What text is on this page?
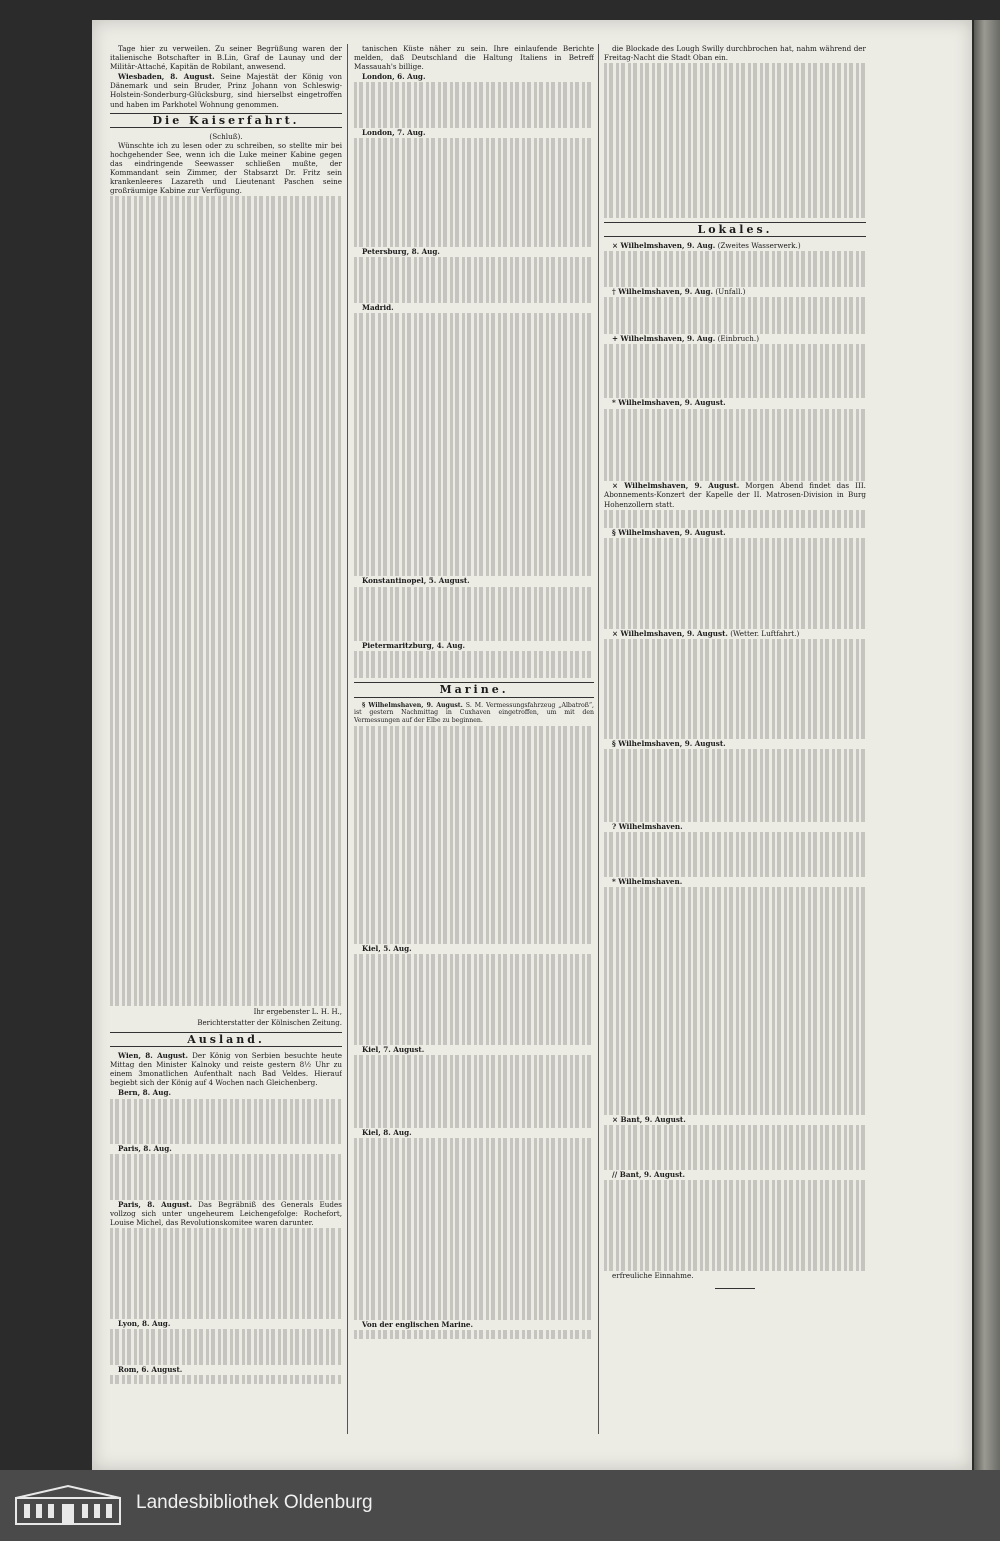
Tage hier zu verweilen. Zu seiner Begrüßung waren der italienische Botschafter in B.Lin, Graf de Launay und der Militär-Attaché, Kapitän de Robilant, anwesend.

Wiesbaden, 8. August. Seine Majestät der König von Dänemark und sein Bruder, Prinz Johann von Schleswig-Holstein-Sonderburg-Glücksburg, sind hierselbst eingetroffen und haben im Parkhotel Wohnung genommen.

Die Kaiserfahrt.
(Schluß).

Wünschte ich zu lesen oder zu schreiben, so stellte mir bei hochgehender See, wenn ich die Luke meiner Kabine gegen das eindringende Seewasser schließen mußte, der Kommandant sein Zimmer, der Stabsarzt Dr. Fritz sein krankenleeres Lazareth und Lieutenant Paschen seine großräumige Kabine zur Verfügung.

Ihr ergebenster L. H. H.,
Berichterstatter der Kölnischen Zeitung.
Ausland.

Wien, 8. August. Der König von Serbien besuchte heute Mittag den Minister Kalnoky und reiste gestern 8½ Uhr zu einem 3monatlichen Aufenthalt nach Bad Veldes. Hierauf begiebt sich der König auf 4 Wochen nach Gleichenberg.

Bern, 8. Aug.

Paris, 8. Aug.

Paris, 8. August. Das Begräbniß des Generals Eudes vollzog sich unter ungeheurem Leichengefolge: Rochefort, Louise Michel, das Revolutionskomitee waren darunter.

Lyon, 8. Aug.

Rom, 6. August.

tanischen Küste näher zu sein. Ihre einlaufende Berichte melden, daß Deutschland die Haltung Italiens in Betreff Massauah's billige.

London, 6. Aug.

London, 7. Aug.

Petersburg, 8. Aug.

Madrid.

Konstantinopel, 5. August.

Pietermaritzburg, 4. Aug.

Marine.

§ Wilhelmshaven, 9. August. S. M. Vermessungsfahrzeug „Albatroß“, ist gestern Nachmittag in Cuxhaven eingetroffen, um mit den Vermessungen auf der Elbe zu beginnen.

Kiel, 5. Aug.

Kiel, 7. August.

Kiel, 8. Aug.

Von der englischen Marine.

die Blockade des Lough Swilly durchbrochen hat, nahm während der Freitag-Nacht die Stadt Oban ein.

Lokales.

× Wilhelmshaven, 9. Aug. (Zweites Wasserwerk.)

† Wilhelmshaven, 9. Aug. (Unfall.)

+ Wilhelmshaven, 9. Aug. (Einbruch.)

* Wilhelmshaven, 9. August.

× Wilhelmshaven, 9. August. Morgen Abend findet das III. Abonnements-Konzert der Kapelle der II. Matrosen-Division in Burg Hohenzollern statt.

§ Wilhelmshaven, 9. August.

× Wilhelmshaven, 9. August. (Wetter. Luftfahrt.)

§ Wilhelmshaven, 9. August.

? Wilhelmshaven.

* Wilhelmshaven.

× Bant, 9. August.

// Bant, 9. August.

erfreuliche Einnahme.

Landesbibliothek Oldenburg
